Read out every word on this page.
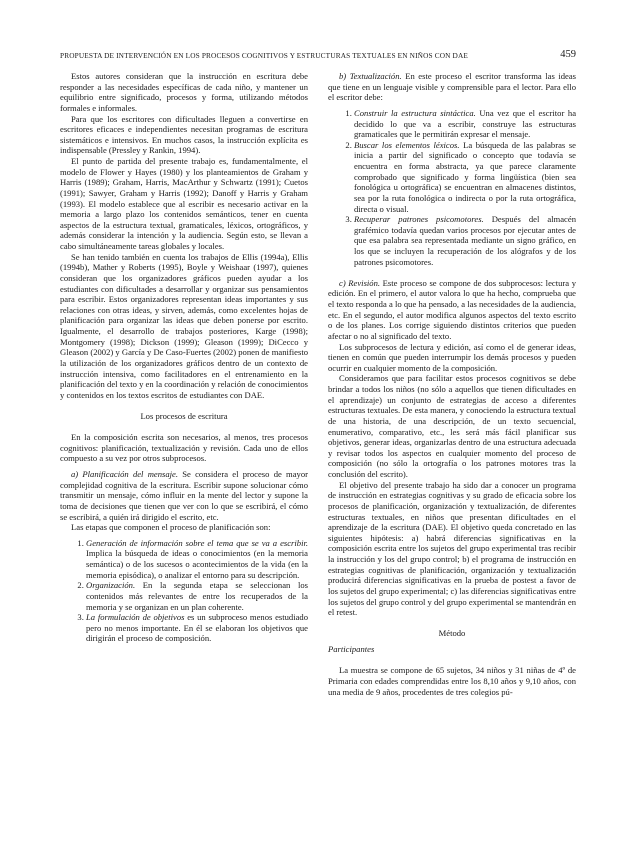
PROPUESTA DE INTERVENCIÓN EN LOS PROCESOS COGNITIVOS Y ESTRUCTURAS TEXTUALES EN NIÑOS CON DAE	459

Estos autores consideran que la instrucción en escritura debe responder a las necesidades específicas de cada niño, y mantener un equilibrio entre significado, procesos y forma, utilizando métodos formales e informales.

Para que los escritores con dificultades lleguen a convertirse en escritores eficaces e independientes necesitan programas de escritura sistemáticos e intensivos. En muchos casos, la instrucción explícita es indispensable (Pressley y Rankin, 1994).

El punto de partida del presente trabajo es, fundamentalmente, el modelo de Flower y Hayes (1980) y los planteamientos de Graham y Harris (1989); Graham, Harris, MacArthur y Schwartz (1991); Cuetos (1991); Sawyer, Graham y Harris (1992); Danoff y Harris y Graham (1993). El modelo establece que al escribir es necesario activar en la memoria a largo plazo los contenidos semánticos, tener en cuenta aspectos de la estructura textual, gramaticales, léxicos, ortográficos, y además considerar la intención y la audiencia. Según esto, se llevan a cabo simultáneamente tareas globales y locales.

Se han tenido también en cuenta los trabajos de Ellis (1994a), Ellis (1994b), Mather y Roberts (1995), Boyle y Weishaar (1997), quienes consideran que los organizadores gráficos pueden ayudar a los estudiantes con dificultades a desarrollar y organizar sus pensamientos para escribir. Estos organizadores representan ideas importantes y sus relaciones con otras ideas, y sirven, además, como excelentes hojas de planificación para organizar las ideas que deben ponerse por escrito. Igualmente, el desarrollo de trabajos posteriores, Karge (1998); Montgomery (1998); Dickson (1999); Gleason (1999); DiCecco y Gleason (2002) y García y De Caso-Fuertes (2002) ponen de manifiesto la utilización de los organizadores gráficos dentro de un contexto de instrucción intensiva, como facilitadores en el entrenamiento en la planificación del texto y en la coordinación y relación de conocimientos y contenidos en los textos escritos de estudiantes con DAE.

Los procesos de escritura

En la composición escrita son necesarios, al menos, tres procesos cognitivos: planificación, textualización y revisión. Cada uno de ellos compuesto a su vez por otros subprocesos.

a) Planificación del mensaje. Se considera el proceso de mayor complejidad cognitiva de la escritura. Escribir supone solucionar cómo transmitir un mensaje, cómo influir en la mente del lector y supone la toma de decisiones que tienen que ver con lo que se escribirá, el cómo se escribirá, a quién irá dirigido el escrito, etc.

Las etapas que componen el proceso de planificación son:

1. Generación de información sobre el tema que se va a escribir. Implica la búsqueda de ideas o conocimientos (en la memoria semántica) o de los sucesos o acontecimientos de la vida (en la memoria episódica), o analizar el entorno para su descripción.
2. Organización. En la segunda etapa se seleccionan los contenidos más relevantes de entre los recuperados de la memoria y se organizan en un plan coherente.
3. La formulación de objetivos es un subproceso menos estudiado pero no menos importante. En él se elaboran los objetivos que dirigirán el proceso de composición.

b) Textualización. En este proceso el escritor transforma las ideas que tiene en un lenguaje visible y comprensible para el lector. Para ello el escritor debe:

1. Construir la estructura sintáctica. Una vez que el escritor ha decidido lo que va a escribir, construye las estructuras gramaticales que le permitirán expresar el mensaje.
2. Buscar los elementos léxicos. La búsqueda de las palabras se inicia a partir del significado o concepto que todavía se encuentra en forma abstracta, ya que parece claramente comprobado que significado y forma lingüística (bien sea fonológica u ortográfica) se encuentran en almacenes distintos, sea por la ruta fonológica o indirecta o por la ruta ortográfica, directa o visual.
3. Recuperar patrones psicomotores. Después del almacén grafémico todavía quedan varios procesos por ejecutar antes de que esa palabra sea representada mediante un signo gráfico, en los que se incluyen la recuperación de los alógrafos y de los patrones psicomotores.

c) Revisión. Este proceso se compone de dos subprocesos: lectura y edición. En el primero, el autor valora lo que ha hecho, comprueba que el texto responda a lo que ha pensado, a las necesidades de la audiencia, etc. En el segundo, el autor modifica algunos aspectos del texto escrito o de los planes. Los corrige siguiendo distintos criterios que pueden afectar o no al significado del texto.

Los subprocesos de lectura y edición, así como el de generar ideas, tienen en común que pueden interrumpir los demás procesos y pueden ocurrir en cualquier momento de la composición.

Consideramos que para facilitar estos procesos cognitivos se debe brindar a todos los niños (no sólo a aquellos que tienen dificultades en el aprendizaje) un conjunto de estrategias de acceso a diferentes estructuras textuales. De esta manera, y conociendo la estructura textual de una historia, de una descripción, de un texto secuencial, enumerativo, comparativo, etc., les será más fácil planificar sus objetivos, generar ideas, organizarlas dentro de una estructura adecuada y revisar todos los aspectos en cualquier momento del proceso de composición (no sólo la ortografía o los patrones motores tras la conclusión del escrito).

El objetivo del presente trabajo ha sido dar a conocer un programa de instrucción en estrategias cognitivas y su grado de eficacia sobre los procesos de planificación, organización y textualización, de diferentes estructuras textuales, en niños que presentan dificultades en el aprendizaje de la escritura (DAE). El objetivo queda concretado en las siguientes hipótesis: a) habrá diferencias significativas en la composición escrita entre los sujetos del grupo experimental tras recibir la instrucción y los del grupo control; b) el programa de instrucción en estrategias cognitivas de planificación, organización y textualización producirá diferencias significativas en la prueba de postest a favor de los sujetos del grupo experimental; c) las diferencias significativas entre los sujetos del grupo control y del grupo experimental se mantendrán en el retest.

Método

Participantes

La muestra se compone de 65 sujetos, 34 niños y 31 niñas de 4º de Primaria con edades comprendidas entre los 8,10 años y 9,10 años, con una media de 9 años, procedentes de tres colegios pú-
